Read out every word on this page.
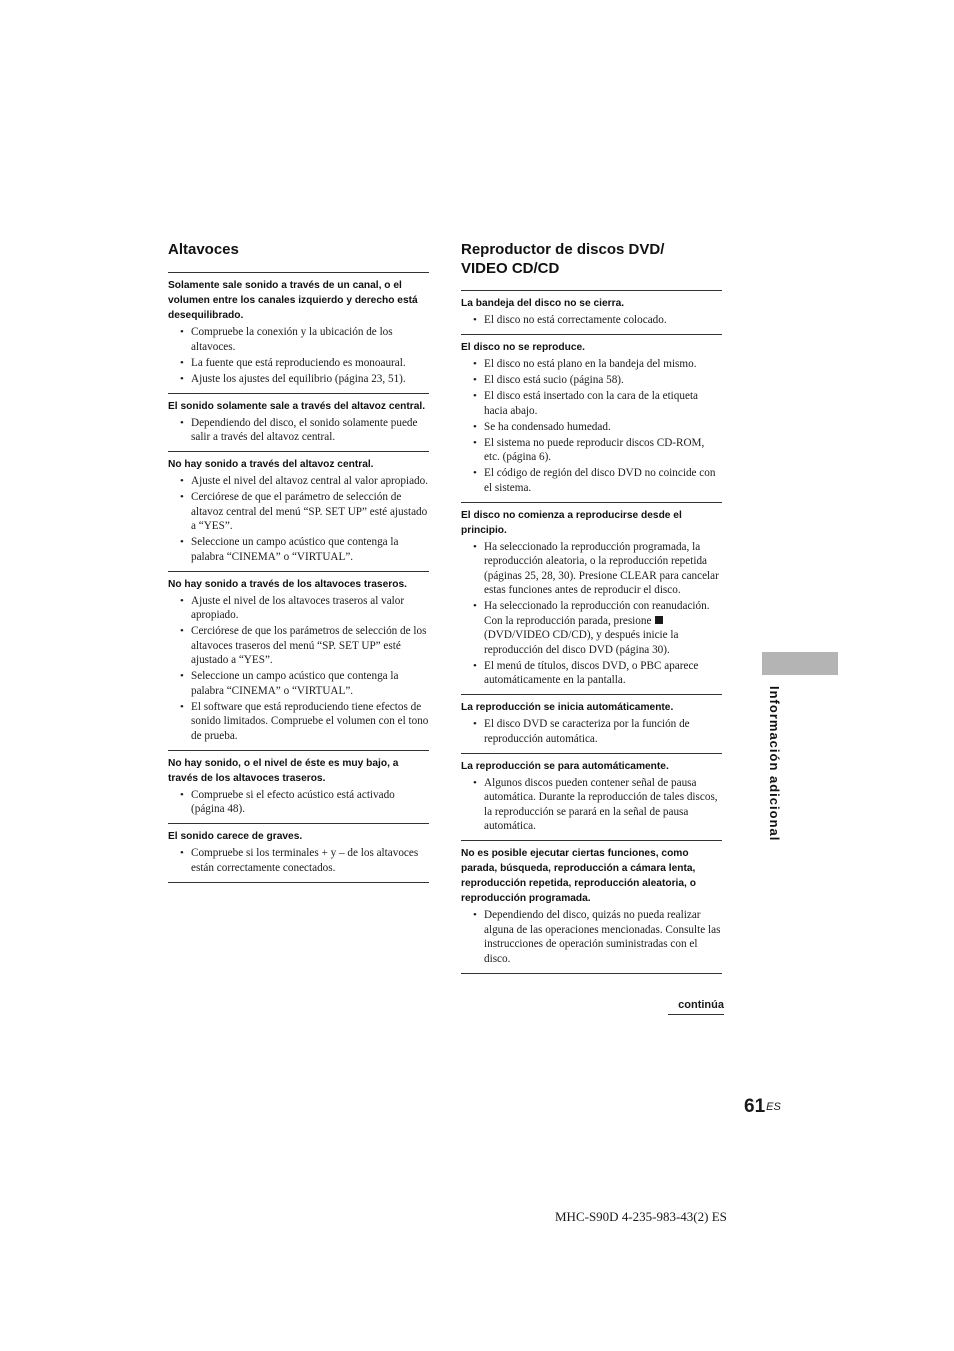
Altavoces

Solamente sale sonido a través de un canal, o el volumen entre los canales izquierdo y derecho está desequilibrado.

• Compruebe la conexión y la ubicación de los altavoces.
• La fuente que está reproduciendo es monoaural.
• Ajuste los ajustes del equilibrio (página 23, 51).

El sonido solamente sale a través del altavoz central.

• Dependiendo del disco, el sonido solamente puede salir a través del altavoz central.

No hay sonido a través del altavoz central.

• Ajuste el nivel del altavoz central al valor apropiado.
• Cerciórese de que el parámetro de selección de altavoz central del menú “SP. SET UP” esté ajustado a “YES”.
• Seleccione un campo acústico que contenga la palabra “CINEMA” o “VIRTUAL”.

No hay sonido a través de los altavoces traseros.

• Ajuste el nivel de los altavoces traseros al valor apropiado.
• Cerciórese de que los parámetros de selección de los altavoces traseros del menú “SP. SET UP” esté ajustado a “YES”.
• Seleccione un campo acústico que contenga la palabra “CINEMA” o “VIRTUAL”.
• El software que está reproduciendo tiene efectos de sonido limitados. Compruebe el volumen con el tono de prueba.

No hay sonido, o el nivel de éste es muy bajo, a través de los altavoces traseros.

• Compruebe si el efecto acústico está activado (página 48).

El sonido carece de graves.

• Compruebe si los terminales + y – de los altavoces están correctamente conectados.
Reproductor de discos DVD/
VIDEO CD/CD

La bandeja del disco no se cierra.

• El disco no está correctamente colocado.

El disco no se reproduce.

• El disco no está plano en la bandeja del mismo.
• El disco está sucio (página 58).
• El disco está insertado con la cara de la etiqueta hacia abajo.
• Se ha condensado humedad.
• El sistema no puede reproducir discos CD-ROM, etc. (página 6).
• El código de región del disco DVD no coincide con el sistema.

El disco no comienza a reproducirse desde el principio.

• Ha seleccionado la reproducción programada, la reproducción aleatoria, o la reproducción repetida (páginas 25, 28, 30). Presione CLEAR para cancelar estas funciones antes de reproducir el disco.
• Ha seleccionado la reproducción con reanudación. Con la reproducción parada, presione  (DVD/VIDEO CD/CD), y después inicie la reproducción del disco DVD (página 30).
• El menú de títulos, discos DVD, o PBC aparece automáticamente en la pantalla.

La reproducción se inicia automáticamente.

• El disco DVD se caracteriza por la función de reproducción automática.

La reproducción se para automáticamente.

• Algunos discos pueden contener señal de pausa automática. Durante la reproducción de tales discos, la reproducción se parará en la señal de pausa automática.

No es posible ejecutar ciertas funciones, como parada, búsqueda, reproducción a cámara lenta, reproducción repetida, reproducción aleatoria, o reproducción programada.

• Dependiendo del disco, quizás no pueda realizar alguna de las operaciones mencionadas. Consulte las instrucciones de operación suministradas con el disco.
continúa
Información adicional
$61^{ES}$
MHC-S90D 4-235-983-43(2) ES
